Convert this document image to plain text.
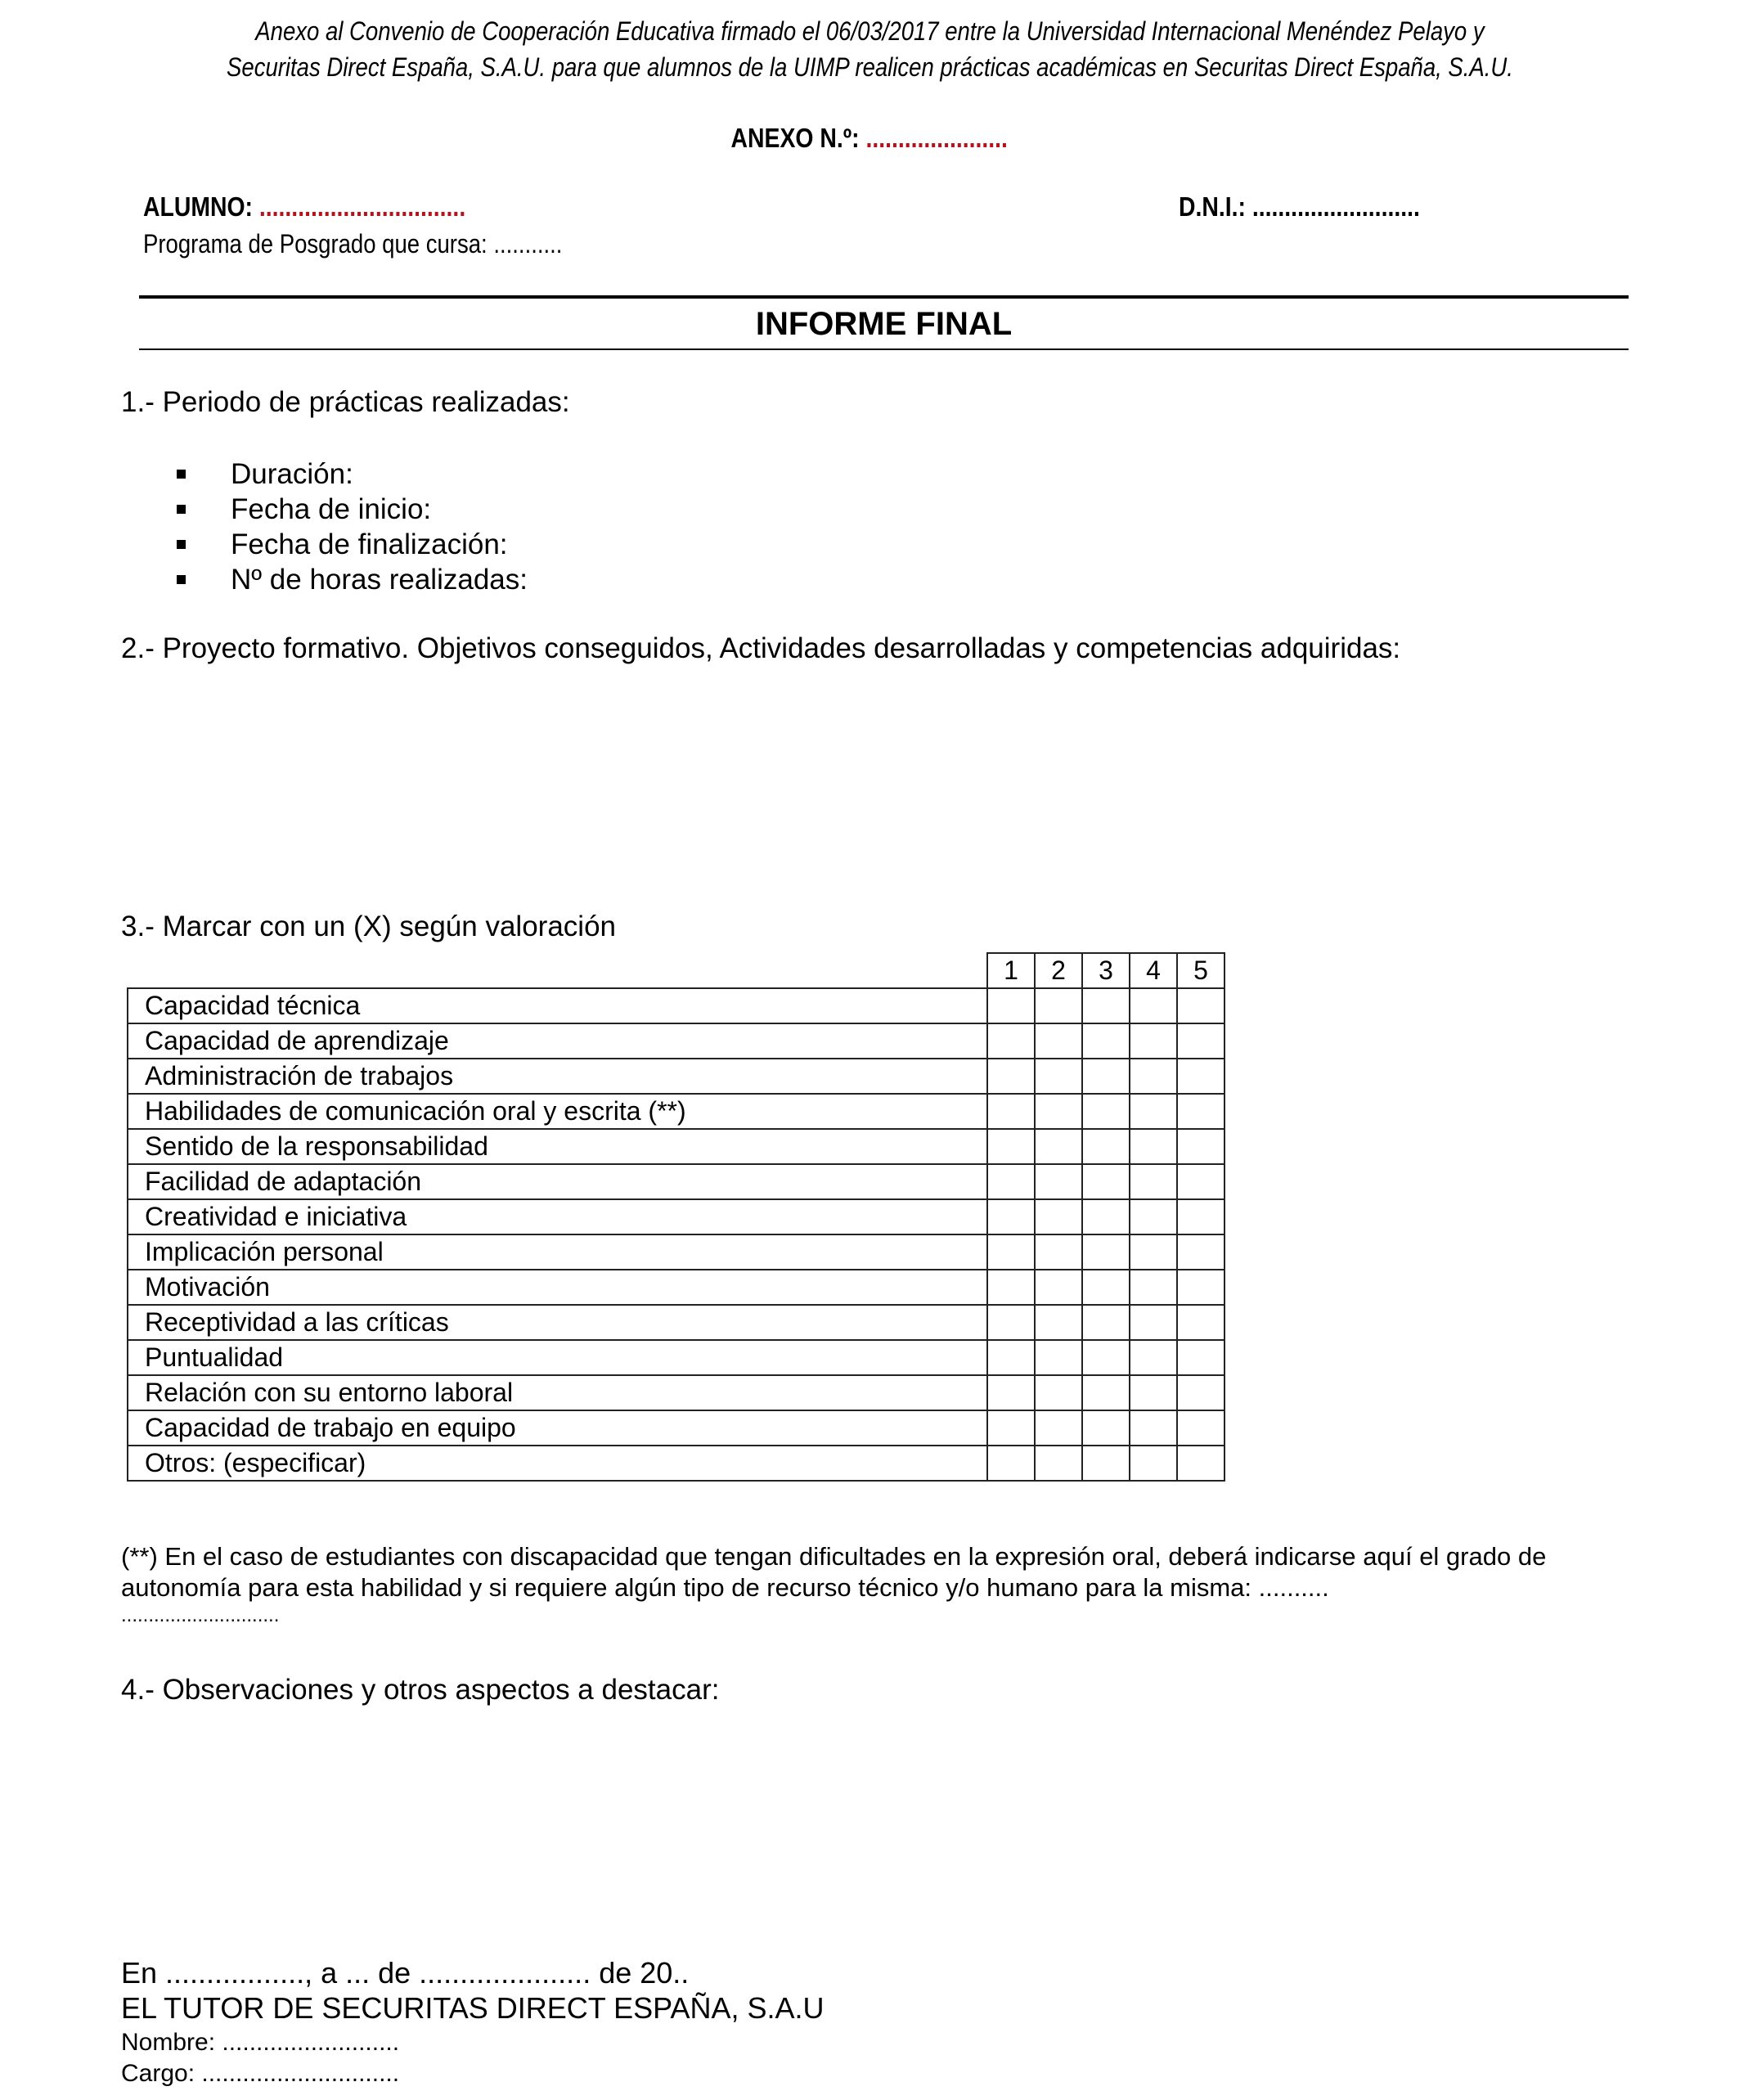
Anexo al Convenio de Cooperación Educativa firmado el 06/03/2017 entre la Universidad Internacional Menéndez Pelayo y
Securitas Direct España, S.A.U. para que alumnos de la UIMP realicen prácticas académicas en Securitas Direct España, S.A.U.
ANEXO N.º: ......................
ALUMNO: ................................	D.N.I.: ..........................
Programa de Posgrado que cursa: ...........
INFORME FINAL
1.- Periodo de prácticas realizadas:
Duración:
Fecha de inicio:
Fecha de finalización:
Nº de horas realizadas:
2.- Proyecto formativo. Objetivos conseguidos, Actividades desarrolladas y competencias adquiridas:
3.- Marcar con un (X) según valoración
	1	2	3	4	5
Capacidad técnica					
Capacidad de aprendizaje					
Administración de trabajos					
Habilidades de comunicación oral y escrita (**)					
Sentido de la responsabilidad					
Facilidad de adaptación					
Creatividad e iniciativa					
Implicación personal					
Motivación					
Receptividad a las críticas					
Puntualidad					
Relación con su entorno laboral					
Capacidad de trabajo en equipo					
Otros: (especificar)					
(**) En el caso de estudiantes con discapacidad que tengan dificultades en la expresión oral, deberá indicarse aquí el grado de
autonomía para esta habilidad y si requiere algún tipo de recurso técnico y/o humano para la misma: ..........
.............................
4.- Observaciones y otros aspectos a destacar:
En ................., a ... de ..................... de 20..
EL TUTOR DE SECURITAS DIRECT ESPAÑA, S.A.U
Nombre: ..........................
Cargo: .............................
